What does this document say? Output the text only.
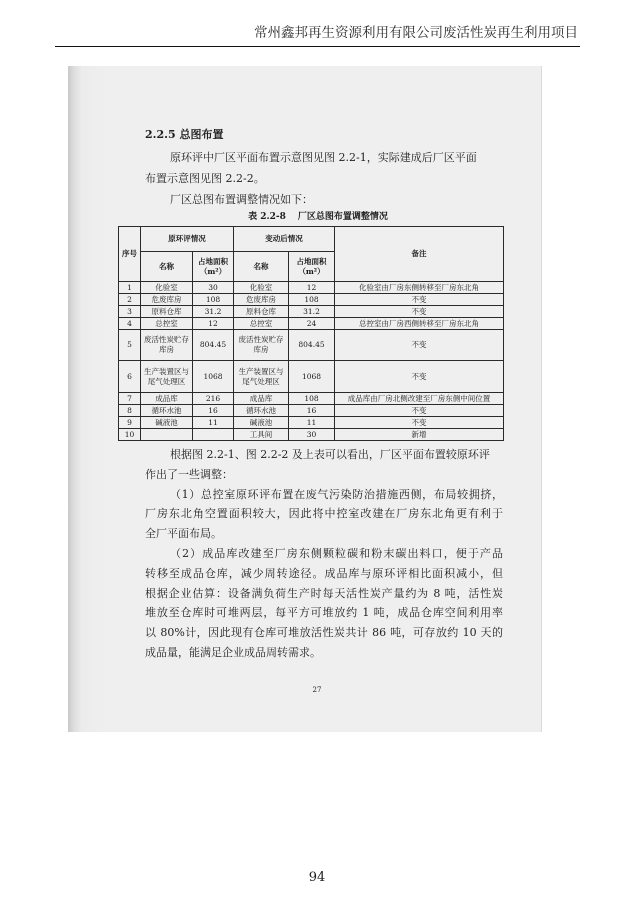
常州鑫邦再生资源利用有限公司废活性炭再生利用项目
2.2.5 总图布置
原环评中厂区平面布置示意图见图 2.2-1，实际建成后厂区平面
布置示意图见图 2.2-2。
厂区总图布置调整情况如下：
表 2.2-8 厂区总图布置调整情况
序号	原环评情况		变动后情况		备注
	名称	占地面积
（m²）	名称	占地面积
（m²）	

1	化验室	30	化验室	12	化验室由厂房东侧转移至厂房东北角
2	危废库房	108	危废库房	108	不变
3	原料仓库	31.2	原料仓库	31.2	不变
4	总控室	12	总控室	24	总控室由厂房西侧转移至厂房东北角
5	废活性炭贮存库房	804.45	废活性炭贮存库房	804.45	不变
6	生产装置区与尾气处理区	1068	生产装置区与尾气处理区	1068	不变
7	成品库	216	成品库	108	成品库由厂房北侧改建至厂房东侧中间位置
8	循环水池	16	循环水池	16	不变
9	碱液池	11	碱液池	11	不变
10			工具间	30	新增
根据图 2.2-1、图 2.2-2 及上表可以看出，厂区平面布置较原环评
作出了一些调整：
（1）总控室原环评布置在废气污染防治措施西侧，布局较拥挤，
厂房东北角空置面积较大，因此将中控室改建在厂房东北角更有利于
全厂平面布局。
（2）成品库改建至厂房东侧颗粒碳和粉末碳出料口，便于产品
转移至成品仓库，减少周转途径。成品库与原环评相比面积减小，但
根据企业估算：设备满负荷生产时每天活性炭产量约为 8 吨，活性炭
堆放至仓库时可堆两层，每平方可堆放约 1 吨，成品仓库空间利用率
以 80%计，因此现有仓库可堆放活性炭共计 86 吨，可存放约 10 天的
成品量，能满足企业成品周转需求。
27
94
